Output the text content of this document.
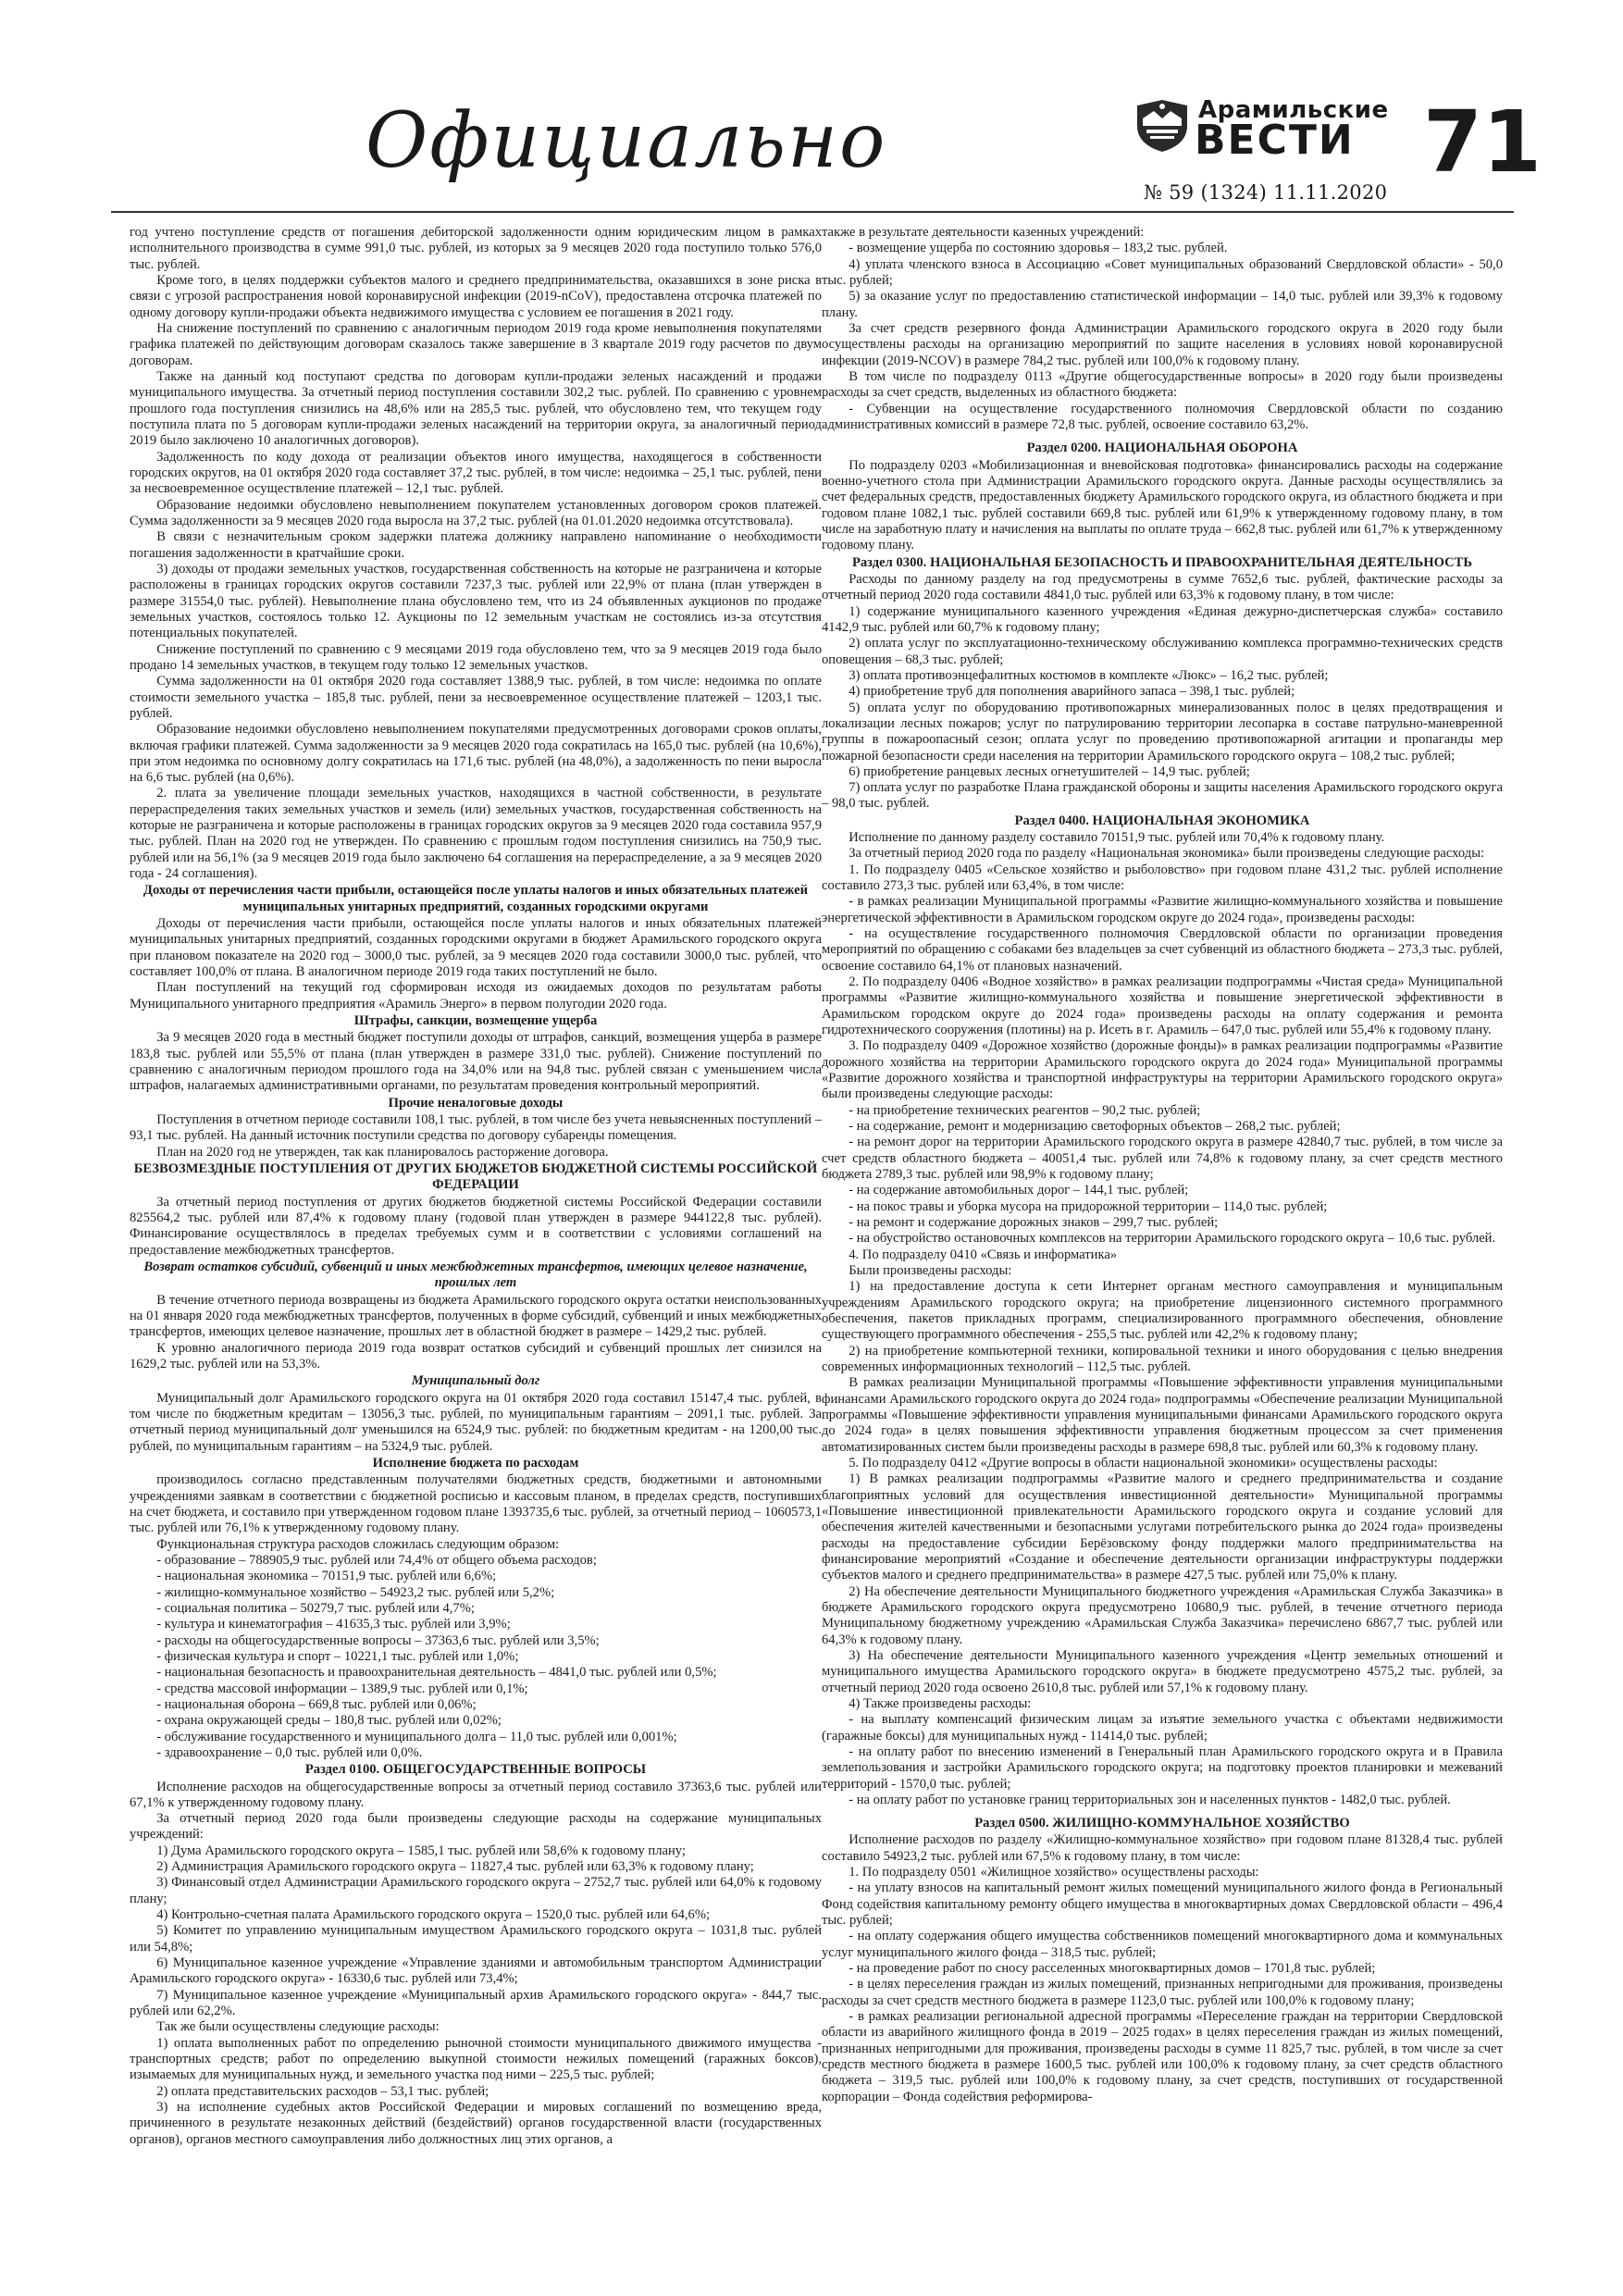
Официально	Арамильские
ВЕСТИ
№ 59 (1324) 11.11.2020
71

год учтено поступление средств от погашения дебиторской задолженности одним юридическим лицом в рамках исполнительного производства в сумме 991,0 тыс. рублей, из которых за 9 месяцев 2020 года поступило только 576,0 тыс. рублей.

Кроме того, в целях поддержки субъектов малого и среднего предпринимательства, оказавшихся в зоне риска в связи с угрозой распространения новой коронавирусной инфекции (2019-nCoV), предоставлена отсрочка платежей по одному договору купли-продажи объекта недвижимого имущества с условием ее погашения в 2021 году.

На снижение поступлений по сравнению с аналогичным периодом 2019 года кроме невыполнения покупателями графика платежей по действующим договорам сказалось также завершение в 3 квартале 2019 году расчетов по двум договорам.

Также на данный код поступают средства по договорам купли-продажи зеленых насаждений и продажи муниципального имущества. За отчетный период поступления составили 302,2 тыс. рублей. По сравнению с уровнем прошлого года поступления снизились на 48,6% или на 285,5 тыс. рублей, что обусловлено тем, что текущем году поступила плата по 5 договорам купли-продажи зеленых насаждений на территории округа, за аналогичный период 2019 было заключено 10 аналогичных договоров).

Задолженность по коду дохода от реализации объектов иного имущества, находящегося в собственности городских округов, на 01 октября 2020 года составляет 37,2 тыс. рублей, в том числе: недоимка – 25,1 тыс. рублей, пени за несвоевременное осуществление платежей – 12,1 тыс. рублей.

Образование недоимки обусловлено невыполнением покупателем установленных договором сроков платежей. Сумма задолженности за 9 месяцев 2020 года выросла на 37,2 тыс. рублей (на 01.01.2020 недоимка отсутствовала).

В связи с незначительным сроком задержки платежа должнику направлено напоминание о необходимости погашения задолженности в кратчайшие сроки.

3) доходы от продажи земельных участков, государственная собственность на которые не разграничена и которые расположены в границах городских округов составили 7237,3 тыс. рублей или 22,9% от плана (план утвержден в размере 31554,0 тыс. рублей). Невыполнение плана обусловлено тем, что из 24 объявленных аукционов по продаже земельных участков, состоялось только 12. Аукционы по 12 земельным участкам не состоялись из-за отсутствия потенциальных покупателей.

Снижение поступлений по сравнению с 9 месяцами 2019 года обусловлено тем, что за 9 месяцев 2019 года было продано 14 земельных участков, в текущем году только 12 земельных участков.

Сумма задолженности на 01 октября 2020 года составляет 1388,9 тыс. рублей, в том числе: недоимка по оплате стоимости земельного участка – 185,8 тыс. рублей, пени за несвоевременное осуществление платежей – 1203,1 тыс. рублей.

Образование недоимки обусловлено невыполнением покупателями предусмотренных договорами сроков оплаты, включая графики платежей. Сумма задолженности за 9 месяцев 2020 года сократилась на 165,0 тыс. рублей (на 10,6%), при этом недоимка по основному долгу сократилась на 171,6 тыс. рублей (на 48,0%), а задолженность по пени выросла на 6,6 тыс. рублей (на 0,6%).

2. плата за увеличение площади земельных участков, находящихся в частной собственности, в результате перераспределения таких земельных участков и земель (или) земельных участков, государственная собственность на которые не разграничена и которые расположены в границах городских округов за 9 месяцев 2020 года составила 957,9 тыс. рублей. План на 2020 год не утвержден. По сравнению с прошлым годом поступления снизились на 750,9 тыс. рублей или на 56,1% (за 9 месяцев 2019 года было заключено 64 соглашения на перераспределение, а за 9 месяцев 2020 года - 24 соглашения).

Доходы от перечисления части прибыли, остающейся после уплаты налогов и иных обязательных платежей муниципальных унитарных предприятий, созданных городскими округами

Доходы от перечисления части прибыли, остающейся после уплаты налогов и иных обязательных платежей муниципальных унитарных предприятий, созданных городскими округами в бюджет Арамильского городского округа при плановом показателе на 2020 год – 3000,0 тыс. рублей, за 9 месяцев 2020 года составили 3000,0 тыс. рублей, что составляет 100,0% от плана. В аналогичном периоде 2019 года таких поступлений не было.

План поступлений на текущий год сформирован исходя из ожидаемых доходов по результатам работы Муниципального унитарного предприятия «Арамиль Энерго» в первом полугодии 2020 года.

Штрафы, санкции, возмещение ущерба

За 9 месяцев 2020 года в местный бюджет поступили доходы от штрафов, санкций, возмещения ущерба в размере 183,8 тыс. рублей или 55,5% от плана (план утвержден в размере 331,0 тыс. рублей). Снижение поступлений по сравнению с аналогичным периодом прошлого года на 34,0% или на 94,8 тыс. рублей связан с уменьшением числа штрафов, налагаемых административными органами, по результатам проведения контрольный мероприятий.

Прочие неналоговые доходы

Поступления в отчетном периоде составили 108,1 тыс. рублей, в том числе без учета невыясненных поступлений – 93,1 тыс. рублей. На данный источник поступили средства по договору субаренды помещения.

План на 2020 год не утвержден, так как планировалось расторжение договора.

БЕЗВОЗМЕЗДНЫЕ ПОСТУПЛЕНИЯ ОТ ДРУГИХ БЮДЖЕТОВ БЮДЖЕТНОЙ СИСТЕМЫ РОССИЙСКОЙ ФЕДЕРАЦИИ

За отчетный период поступления от других бюджетов бюджетной системы Российской Федерации составили 825564,2 тыс. рублей или 87,4% к годовому плану (годовой план утвержден в размере 944122,8 тыс. рублей). Финансирование осуществлялось в пределах требуемых сумм и в соответствии с условиями соглашений на предоставление межбюджетных трансфертов.

Возврат остатков субсидий, субвенций и иных межбюджетных трансфертов, имеющих целевое назначение, прошлых лет

В течение отчетного периода возвращены из бюджета Арамильского городского округа остатки неиспользованных на 01 января 2020 года межбюджетных трансфертов, полученных в форме субсидий, субвенций и иных межбюджетных трансфертов, имеющих целевое назначение, прошлых лет в областной бюджет в размере – 1429,2 тыс. рублей.

К уровню аналогичного периода 2019 года возврат остатков субсидий и субвенций прошлых лет снизился на 1629,2 тыс. рублей или на 53,3%.

Муниципальный долг

Муниципальный долг Арамильского городского округа на 01 октября 2020 года составил 15147,4 тыс. рублей, в том числе по бюджетным кредитам – 13056,3 тыс. рублей, по муниципальным гарантиям – 2091,1 тыс. рублей. За отчетный период муниципальный долг уменьшился на 6524,9 тыс. рублей: по бюджетным кредитам - на 1200,00 тыс. рублей, по муниципальным гарантиям – на 5324,9 тыс. рублей.

Исполнение бюджета по расходам

производилось согласно представленным получателями бюджетных средств, бюджетными и автономными учреждениями заявкам в соответствии с бюджетной росписью и кассовым планом, в пределах средств, поступивших на счет бюджета, и составило при утвержденном годовом плане 1393735,6 тыс. рублей, за отчетный период – 1060573,1 тыс. рублей или 76,1% к утвержденному годовому плану.

Функциональная структура расходов сложилась следующим образом:

- образование – 788905,9 тыс. рублей или 74,4% от общего объема расходов;

- национальная экономика – 70151,9 тыс. рублей или 6,6%;

- жилищно-коммунальное хозяйство – 54923,2 тыс. рублей или 5,2%;

- социальная политика – 50279,7 тыс. рублей или 4,7%;

- культура и кинематография – 41635,3 тыс. рублей или 3,9%;

- расходы на общегосударственные вопросы – 37363,6 тыс. рублей или 3,5%;

- физическая культура и спорт – 10221,1 тыс. рублей или 1,0%;

- национальная безопасность и правоохранительная деятельность – 4841,0 тыс. рублей или 0,5%;

- средства массовой информации – 1389,9 тыс. рублей или 0,1%;

- национальная оборона – 669,8 тыс. рублей или 0,06%;

- охрана окружающей среды – 180,8 тыс. рублей или 0,02%;

- обслуживание государственного и муниципального долга – 11,0 тыс. рублей или 0,001%;

- здравоохранение – 0,0 тыс. рублей или 0,0%.

Раздел 0100. ОБЩЕГОСУДАРСТВЕННЫЕ ВОПРОСЫ

Исполнение расходов на общегосударственные вопросы за отчетный период составило 37363,6 тыс. рублей или 67,1% к утвержденному годовому плану.

За отчетный период 2020 года были произведены следующие расходы на содержание муниципальных учреждений:

1) Дума Арамильского городского округа – 1585,1 тыс. рублей или 58,6% к годовому плану;

2) Администрация Арамильского городского округа – 11827,4 тыс. рублей или 63,3% к годовому плану;

3) Финансовый отдел Администрации Арамильского городского округа – 2752,7 тыс. рублей или 64,0% к годовому плану;

4) Контрольно-счетная палата Арамильского городского округа – 1520,0 тыс. рублей или 64,6%;

5) Комитет по управлению муниципальным имуществом Арамильского городского округа – 1031,8 тыс. рублей или 54,8%;

6) Муниципальное казенное учреждение «Управление зданиями и автомобильным транспортом Администрации Арамильского городского округа» - 16330,6 тыс. рублей или 73,4%;

7) Муниципальное казенное учреждение «Муниципальный архив Арамильского городского округа» - 844,7 тыс. рублей или 62,2%.

Так же были осуществлены следующие расходы:

1) оплата выполненных работ по определению рыночной стоимости муниципального движимого имущества - транспортных средств; работ по определению выкупной стоимости нежилых помещений (гаражных боксов), изымаемых для муниципальных нужд, и земельного участка под ними – 225,5 тыс. рублей;

2) оплата представительских расходов – 53,1 тыс. рублей;

3) на исполнение судебных актов Российской Федерации и мировых соглашений по возмещению вреда, причиненного в результате незаконных действий (бездействий) органов государственной власти (государственных органов), органов местного самоуправления либо должностных лиц этих органов, а

также в результате деятельности казенных учреждений:

- возмещение ущерба по состоянию здоровья – 183,2 тыс. рублей.

4) уплата членского взноса в Ассоциацию «Совет муниципальных образований Свердловской области» - 50,0 тыс. рублей;

5) за оказание услуг по предоставлению статистической информации – 14,0 тыс. рублей или 39,3% к годовому плану.

За счет средств резервного фонда Администрации Арамильского городского округа в 2020 году были осуществлены расходы на организацию мероприятий по защите населения в условиях новой коронавирусной инфекции (2019-NCOV) в размере 784,2 тыс. рублей или 100,0% к годовому плану.

В том числе по подразделу 0113 «Другие общегосударственные вопросы» в 2020 году были произведены расходы за счет средств, выделенных из областного бюджета:

- Субвенции на осуществление государственного полномочия Свердловской области по созданию административных комиссий в размере 72,8 тыс. рублей, освоение составило 63,2%.

Раздел 0200. НАЦИОНАЛЬНАЯ ОБОРОНА

По подразделу 0203 «Мобилизационная и вневойсковая подготовка» финансировались расходы на содержание военно-учетного стола при Администрации Арамильского городского округа. Данные расходы осуществлялись за счет федеральных средств, предоставленных бюджету Арамильского городского округа, из областного бюджета и при годовом плане 1082,1 тыс. рублей составили 669,8 тыс. рублей или 61,9% к утвержденному годовому плану, в том числе на заработную плату и начисления на выплаты по оплате труда – 662,8 тыс. рублей или 61,7% к утвержденному годовому плану.

Раздел 0300. НАЦИОНАЛЬНАЯ БЕЗОПАСНОСТЬ И ПРАВООХРАНИТЕЛЬНАЯ ДЕЯТЕЛЬНОСТЬ

Расходы по данному разделу на год предусмотрены в сумме 7652,6 тыс. рублей, фактические расходы за отчетный период 2020 года составили 4841,0 тыс. рублей или 63,3% к годовому плану, в том числе:

1) содержание муниципального казенного учреждения «Единая дежурно-диспетчерская служба» составило 4142,9 тыс. рублей или 60,7% к годовому плану;

2) оплата услуг по эксплуатационно-техническому обслуживанию комплекса программно-технических средств оповещения – 68,3 тыс. рублей;

3) оплата противоэнцефалитных костюмов в комплекте «Люкс» – 16,2 тыс. рублей;

4) приобретение труб для пополнения аварийного запаса – 398,1 тыс. рублей;

5) оплата услуг по оборудованию противопожарных минерализованных полос в целях предотвращения и локализации лесных пожаров; услуг по патрулированию территории лесопарка в составе патрульно-маневренной группы в пожароопасный сезон; оплата услуг по проведению противопожарной агитации и пропаганды мер пожарной безопасности среди населения на территории Арамильского городского округа – 108,2 тыс. рублей;

6) приобретение ранцевых лесных огнетушителей – 14,9 тыс. рублей;

7) оплата услуг по разработке Плана гражданской обороны и защиты населения Арамильского городского округа – 98,0 тыс. рублей.

Раздел 0400. НАЦИОНАЛЬНАЯ ЭКОНОМИКА

Исполнение по данному разделу составило 70151,9 тыс. рублей или 70,4% к годовому плану.

За отчетный период 2020 года по разделу «Национальная экономика» были произведены следующие расходы:

1. По подразделу 0405 «Сельское хозяйство и рыболовство» при годовом плане 431,2 тыс. рублей исполнение составило 273,3 тыс. рублей или 63,4%, в том числе:

- в рамках реализации Муниципальной программы «Развитие жилищно-коммунального хозяйства и повышение энергетической эффективности в Арамильском городском округе до 2024 года», произведены расходы:

- на осуществление государственного полномочия Свердловской области по организации проведения мероприятий по обращению с собаками без владельцев за счет субвенций из областного бюджета – 273,3 тыс. рублей, освоение составило 64,1% от плановых назначений.

2. По подразделу 0406 «Водное хозяйство» в рамках реализации подпрограммы «Чистая среда» Муниципальной программы «Развитие жилищно-коммунального хозяйства и повышение энергетической эффективности в Арамильском городском округе до 2024 года» произведены расходы на оплату содержания и ремонта гидротехнического сооружения (плотины) на р. Исеть в г. Арамиль – 647,0 тыс. рублей или 55,4% к годовому плану.

3. По подразделу 0409 «Дорожное хозяйство (дорожные фонды)» в рамках реализации подпрограммы «Развитие дорожного хозяйства на территории Арамильского городского округа до 2024 года» Муниципальной программы «Развитие дорожного хозяйства и транспортной инфраструктуры на территории Арамильского городского округа» были произведены следующие расходы:

- на приобретение технических реагентов – 90,2 тыс. рублей;

- на содержание, ремонт и модернизацию светофорных объектов – 268,2 тыс. рублей;

- на ремонт дорог на территории Арамильского городского округа в размере 42840,7 тыс. рублей, в том числе за счет средств областного бюджета – 40051,4 тыс. рублей или 74,8% к годовому плану, за счет средств местного бюджета 2789,3 тыс. рублей или 98,9% к годовому плану;

- на содержание автомобильных дорог – 144,1 тыс. рублей;

- на покос травы и уборка мусора на придорожной территории – 114,0 тыс. рублей;

- на ремонт и содержание дорожных знаков – 299,7 тыс. рублей;

- на обустройство остановочных комплексов на территории Арамильского городского округа – 10,6 тыс. рублей.

4. По подразделу 0410 «Связь и информатика»

Были произведены расходы:

1) на предоставление доступа к сети Интернет органам местного самоуправления и муниципальным учреждениям Арамильского городского округа; на приобретение лицензионного системного программного обеспечения, пакетов прикладных программ, специализированного программного обеспечения, обновление существующего программного обеспечения - 255,5 тыс. рублей или 42,2% к годовому плану;

2) на приобретение компьютерной техники, копировальной техники и иного оборудования с целью внедрения современных информационных технологий – 112,5 тыс. рублей.

В рамках реализации Муниципальной программы «Повышение эффективности управления муниципальными финансами Арамильского городского округа до 2024 года» подпрограммы «Обеспечение реализации Муниципальной программы «Повышение эффективности управления муниципальными финансами Арамильского городского округа до 2024 года» в целях повышения эффективности управления бюджетным процессом за счет применения автоматизированных систем были произведены расходы в размере 698,8 тыс. рублей или 60,3% к годовому плану.

5. По подразделу 0412 «Другие вопросы в области национальной экономики» осуществлены расходы:

1) В рамках реализации подпрограммы «Развитие малого и среднего предпринимательства и создание благоприятных условий для осуществления инвестиционной деятельности» Муниципальной программы «Повышение инвестиционной привлекательности Арамильского городского округа и создание условий для обеспечения жителей качественными и безопасными услугами потребительского рынка до 2024 года» произведены расходы на предоставление субсидии Берёзовскому фонду поддержки малого предпринимательства на финансирование мероприятий «Создание и обеспечение деятельности организации инфраструктуры поддержки субъектов малого и среднего предпринимательства» в размере 427,5 тыс. рублей или 75,0% к плану.

2) На обеспечение деятельности Муниципального бюджетного учреждения «Арамильская Служба Заказчика» в бюджете Арамильского городского округа предусмотрено 10680,9 тыс. рублей, в течение отчетного периода Муниципальному бюджетному учреждению «Арамильская Служба Заказчика» перечислено 6867,7 тыс. рублей или 64,3% к годовому плану.

3) На обеспечение деятельности Муниципального казенного учреждения «Центр земельных отношений и муниципального имущества Арамильского городского округа» в бюджете предусмотрено 4575,2 тыс. рублей, за отчетный период 2020 года освоено 2610,8 тыс. рублей или 57,1% к годовому плану.

4) Также произведены расходы:

- на выплату компенсаций физическим лицам за изъятие земельного участка с объектами недвижимости (гаражные боксы) для муниципальных нужд - 11414,0 тыс. рублей;

- на оплату работ по внесению изменений в Генеральный план Арамильского городского округа и в Правила землепользования и застройки Арамильского городского округа; на подготовку проектов планировки и межеваний территорий - 1570,0 тыс. рублей;

- на оплату работ по установке границ территориальных зон и населенных пунктов - 1482,0 тыс. рублей.

Раздел 0500. ЖИЛИЩНО-КОММУНАЛЬНОЕ ХОЗЯЙСТВО

Исполнение расходов по разделу «Жилищно-коммунальное хозяйство» при годовом плане 81328,4 тыс. рублей составило 54923,2 тыс. рублей или 67,5% к годовому плану, в том числе:

1. По подразделу 0501 «Жилищное хозяйство» осуществлены расходы:

- на уплату взносов на капитальный ремонт жилых помещений муниципального жилого фонда в Региональный Фонд содействия капитальному ремонту общего имущества в многоквартирных домах Свердловской области – 496,4 тыс. рублей;

- на оплату содержания общего имущества собственников помещений многоквартирного дома и коммунальных услуг муниципального жилого фонда – 318,5 тыс. рублей;

- на проведение работ по сносу расселенных многоквартирных домов – 1701,8 тыс. рублей;

- в целях переселения граждан из жилых помещений, признанных непригодными для проживания, произведены расходы за счет средств местного бюджета в размере 1123,0 тыс. рублей или 100,0% к годовому плану;

- в рамках реализации региональной адресной программы «Переселение граждан на территории Свердловской области из аварийного жилищного фонда в 2019 – 2025 годах» в целях переселения граждан из жилых помещений, признанных непригодными для проживания, произведены расходы в сумме 11 825,7 тыс. рублей, в том числе за счет средств местного бюджета в размере 1600,5 тыс. рублей или 100,0% к годовому плану, за счет средств областного бюджета – 319,5 тыс. рублей или 100,0% к годовому плану, за счет средств, поступивших от государственной корпорации – Фонда содействия реформирова-
